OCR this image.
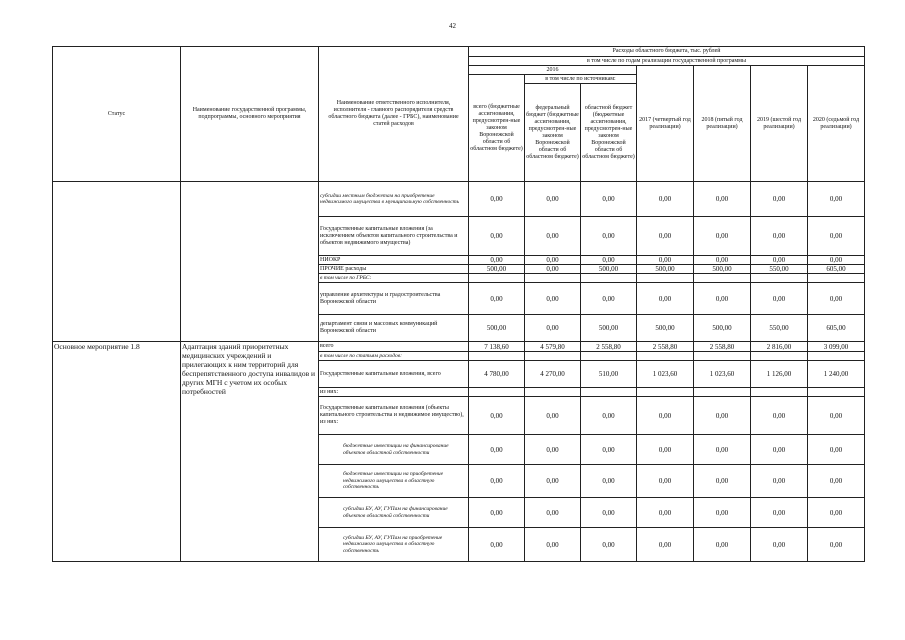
42
Статус	Наименование государственной программы, подпрограммы, основного мероприятия	Наименование ответственного исполнителя, исполнителя - главного распорядителя средств областного бюджета (далее - ГРБС), наименование статей расходов	Расходы областного бюджета, тыс. рублей						
			в том числе по годам реализации государственной программы						
			2016			2017 (четвертый год реализации)	2018 (пятый год реализации)	2019 (шестой год реализации)	2020 (седьмой год реализации)
			всего (бюджетные ассигнования, предусмотрен-ные законом Воронежской области об областном бюджете)	в том числе по источникам:					
				федеральный бюджет (бюджетные ассигнования, предусмотрен-ные законом Воронежской области об областном бюджете)	областной бюджет (бюджетные ассигнования, предусмотрен-ные законом Воронежской области об областном бюджете)				
		субсидии местным бюджетам на приобретение недвижимого имущества в муниципальную собственность	0,00	0,00	0,00	0,00	0,00	0,00	0,00
		Государственные капитальные вложения (за исключением объектов капитального строительства и объектов недвижимого имущества)	0,00	0,00	0,00	0,00	0,00	0,00	0,00
		НИОКР	0,00	0,00	0,00	0,00	0,00	0,00	0,00
		ПРОЧИЕ расходы	500,00	0,00	500,00	500,00	500,00	550,00	605,00
		в том числе по ГРБС:							
		управление архитектуры и градостроительства Воронежской области	0,00	0,00	0,00	0,00	0,00	0,00	0,00
		департамент связи и массовых коммуникаций Воронежской области	500,00	0,00	500,00	500,00	500,00	550,00	605,00
Основное мероприятие 1.8	Адаптация зданий приоритетных медицинских учреждений и прилегающих к ним территорий для беспрепятственного доступа инвалидов и других МГН с учетом их особых потребностей	всего	7 138,60	4 579,80	2 558,80	2 558,80	2 558,80	2 816,00	3 099,00
		в том числе по статьям расходов:							
		Государственные капитальные вложения, всего	4 780,00	4 270,00	510,00	1 023,60	1 023,60	1 126,00	1 240,00
		из них:							
		Государственные капитальные вложения (объекты капитального строительства и недвижимое имущество), из них:	0,00	0,00	0,00	0,00	0,00	0,00	0,00
		бюджетные инвестиции на финансирование объектов областной собственности	0,00	0,00	0,00	0,00	0,00	0,00	0,00
		бюджетные инвестиции на приобретение недвижимого имущества в областную собственность	0,00	0,00	0,00	0,00	0,00	0,00	0,00
		субсидии БУ, АУ, ГУПам на финансирование объектов областной собственности	0,00	0,00	0,00	0,00	0,00	0,00	0,00
		субсидии БУ, АУ, ГУПам на приобретение недвижимого имущества в областную собственность	0,00	0,00	0,00	0,00	0,00	0,00	0,00
